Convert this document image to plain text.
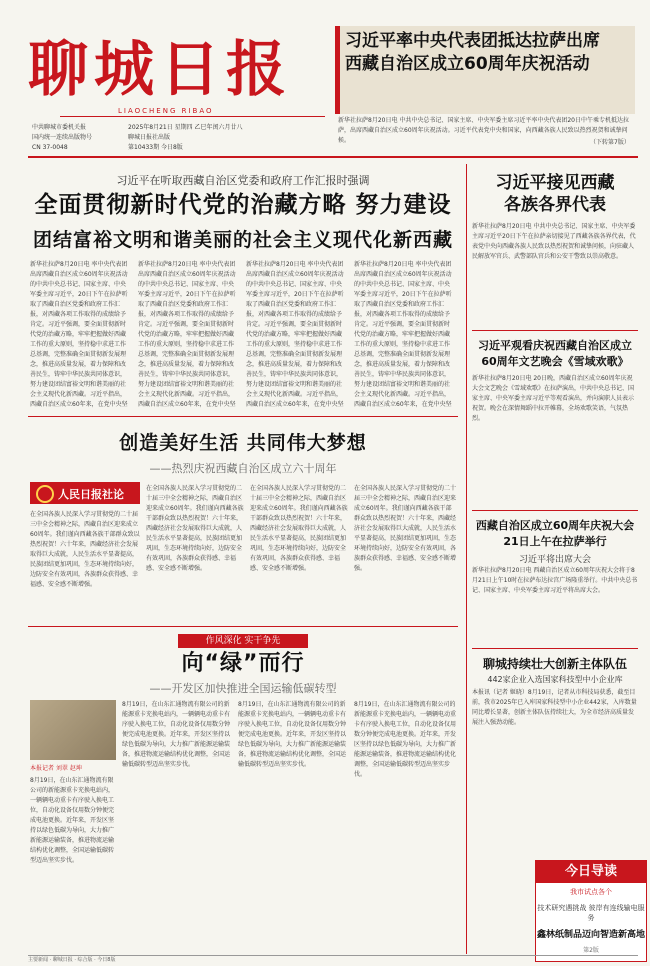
聊城日报
LIAOCHENG RIBAO
中共聊城市委机关报
国内统一连续出版物号
CN 37-0048
2025年8月21日 星期四 乙巳年闰六月廿八
聊城日报社出版
第10433期 今日8版
习近平率中央代表团抵达拉萨出席
西藏自治区成立60周年庆祝活动
新华社拉萨8月20日电 中共中央总书记、国家主席、中央军委主席习近平率中央代表团20日中午乘专机抵达拉萨，出席西藏自治区成立60周年庆祝活动。习近平代表党中央和国家，向西藏各族人民致以热烈祝贺和诚挚问候。	（下转第7版）
习近平在听取西藏自治区党委和政府工作汇报时强调
全面贯彻新时代党的治藏方略 努力建设
团结富裕文明和谐美丽的社会主义现代化新西藏
新华社拉萨8月20日电 率中央代表团出席西藏自治区成立60周年庆祝活动的中共中央总书记、国家主席、中央军委主席习近平，20日下午在拉萨听取了西藏自治区党委和政府工作汇报，对西藏各项工作取得的成绩给予肯定。习近平强调，要全面贯彻新时代党的治藏方略，牢牢把握做好西藏工作的重大原则，坚持稳中求进工作总基调，完整准确全面贯彻新发展理念，推进高质量发展，着力保障和改善民生，铸牢中华民族共同体意识，努力建设团结富裕文明和谐美丽的社会主义现代化新西藏。习近平指出，西藏自治区成立60年来，在党中央坚
新华社拉萨8月20日电 率中央代表团出席西藏自治区成立60周年庆祝活动的中共中央总书记、国家主席、中央军委主席习近平，20日下午在拉萨听取了西藏自治区党委和政府工作汇报，对西藏各项工作取得的成绩给予肯定。习近平强调，要全面贯彻新时代党的治藏方略，牢牢把握做好西藏工作的重大原则，坚持稳中求进工作总基调，完整准确全面贯彻新发展理念，推进高质量发展，着力保障和改善民生，铸牢中华民族共同体意识，努力建设团结富裕文明和谐美丽的社会主义现代化新西藏。习近平指出，西藏自治区成立60年来，在党中央坚
新华社拉萨8月20日电 率中央代表团出席西藏自治区成立60周年庆祝活动的中共中央总书记、国家主席、中央军委主席习近平，20日下午在拉萨听取了西藏自治区党委和政府工作汇报，对西藏各项工作取得的成绩给予肯定。习近平强调，要全面贯彻新时代党的治藏方略，牢牢把握做好西藏工作的重大原则，坚持稳中求进工作总基调，完整准确全面贯彻新发展理念，推进高质量发展，着力保障和改善民生，铸牢中华民族共同体意识，努力建设团结富裕文明和谐美丽的社会主义现代化新西藏。习近平指出，西藏自治区成立60年来，在党中央坚
新华社拉萨8月20日电 率中央代表团出席西藏自治区成立60周年庆祝活动的中共中央总书记、国家主席、中央军委主席习近平，20日下午在拉萨听取了西藏自治区党委和政府工作汇报，对西藏各项工作取得的成绩给予肯定。习近平强调，要全面贯彻新时代党的治藏方略，牢牢把握做好西藏工作的重大原则，坚持稳中求进工作总基调，完整准确全面贯彻新发展理念，推进高质量发展，着力保障和改善民生，铸牢中华民族共同体意识，努力建设团结富裕文明和谐美丽的社会主义现代化新西藏。习近平指出，西藏自治区成立60年来，在党中央坚
创造美好生活 共同伟大梦想
——热烈庆祝西藏自治区成立六十周年
人民日报社论
在全国各族人民深入学习贯彻党的二十届三中全会精神之际，西藏自治区迎来成立60周年。我们谨向西藏各族干部群众致以热烈祝贺！六十年来，西藏经济社会发展取得巨大成就，人民生活水平显著提高，民族团结更加巩固，生态环境持续向好，边防安全有效巩固，各族群众获得感、幸福感、安全感不断增强。
在全国各族人民深入学习贯彻党的二十届三中全会精神之际，西藏自治区迎来成立60周年。我们谨向西藏各族干部群众致以热烈祝贺！六十年来，西藏经济社会发展取得巨大成就，人民生活水平显著提高，民族团结更加巩固，生态环境持续向好，边防安全有效巩固，各族群众获得感、幸福感、安全感不断增强。
在全国各族人民深入学习贯彻党的二十届三中全会精神之际，西藏自治区迎来成立60周年。我们谨向西藏各族干部群众致以热烈祝贺！六十年来，西藏经济社会发展取得巨大成就，人民生活水平显著提高，民族团结更加巩固，生态环境持续向好，边防安全有效巩固，各族群众获得感、幸福感、安全感不断增强。
在全国各族人民深入学习贯彻党的二十届三中全会精神之际，西藏自治区迎来成立60周年。我们谨向西藏各族干部群众致以热烈祝贺！六十年来，西藏经济社会发展取得巨大成就，人民生活水平显著提高，民族团结更加巩固，生态环境持续向好，边防安全有效巩固，各族群众获得感、幸福感、安全感不断增强。
作风深化 实干争先
向“绿”而行
——开发区加快推进全国运输低碳转型
本报记者 刘翠 赵坤
8月19日，在山东汇通物流有限公司的新能源重卡充换电站内，一辆辆电动重卡有序驶入换电工位，自动化设备仅用数分钟便完成电池更换。近年来，开发区坚持以绿色低碳为导向，大力推广新能源运输装备，推进物流运输结构优化调整，全国运输低碳转型迈出坚实步伐。
8月19日，在山东汇通物流有限公司的新能源重卡充换电站内，一辆辆电动重卡有序驶入换电工位，自动化设备仅用数分钟便完成电池更换。近年来，开发区坚持以绿色低碳为导向，大力推广新能源运输装备，推进物流运输结构优化调整，全国运输低碳转型迈出坚实步伐。
8月19日，在山东汇通物流有限公司的新能源重卡充换电站内，一辆辆电动重卡有序驶入换电工位，自动化设备仅用数分钟便完成电池更换。近年来，开发区坚持以绿色低碳为导向，大力推广新能源运输装备，推进物流运输结构优化调整，全国运输低碳转型迈出坚实步伐。
8月19日，在山东汇通物流有限公司的新能源重卡充换电站内，一辆辆电动重卡有序驶入换电工位，自动化设备仅用数分钟便完成电池更换。近年来，开发区坚持以绿色低碳为导向，大力推广新能源运输装备，推进物流运输结构优化调整，全国运输低碳转型迈出坚实步伐。
习近平接见西藏
各族各界代表
新华社拉萨8月20日电 中共中央总书记、国家主席、中央军委主席习近平20日下午在拉萨亲切接见了西藏各族各界代表，代表党中央向西藏各族人民致以热烈祝贺和诚挚问候，向驻藏人民解放军官兵、武警部队官兵和公安干警致以崇高敬意。
习近平观看庆祝西藏自治区成立
60周年文艺晚会《雪域欢歌》
新华社拉萨8月20日电 20日晚，西藏自治区成立60周年庆祝大会文艺晚会《雪域欢歌》在拉萨演出，中共中央总书记、国家主席、中央军委主席习近平等观看演出，并向演职人员表示祝贺。晚会在深情舞蹈中拉开帷幕，全场欢歌笑语，气氛热烈。
西藏自治区成立60周年庆祝大会
21日上午在拉萨举行
习近平将出席大会
新华社拉萨8月20日电 西藏自治区成立60周年庆祝大会将于8月21日上午10时在拉萨布达拉宫广场隆重举行。中共中央总书记、国家主席、中央军委主席习近平将出席大会。
聊城持续壮大创新主体队伍
442家企业入选国家科技型中小企业库
本报讯（记者 姬晓）8月19日，记者从市科技局获悉，截至目前，我市2025年已入库国家科技型中小企业442家，入库数量同比增长显著，创新主体队伍持续壮大，为全市经济高质量发展注入强劲动能。
今日导读
我市试点各个
技术研究遇挑战 彼岸有连线输电服务
鑫林纸制品迈向智造新高地
第2版
主要新闻 · 聊城日报 · 综合版 · 今日8版
